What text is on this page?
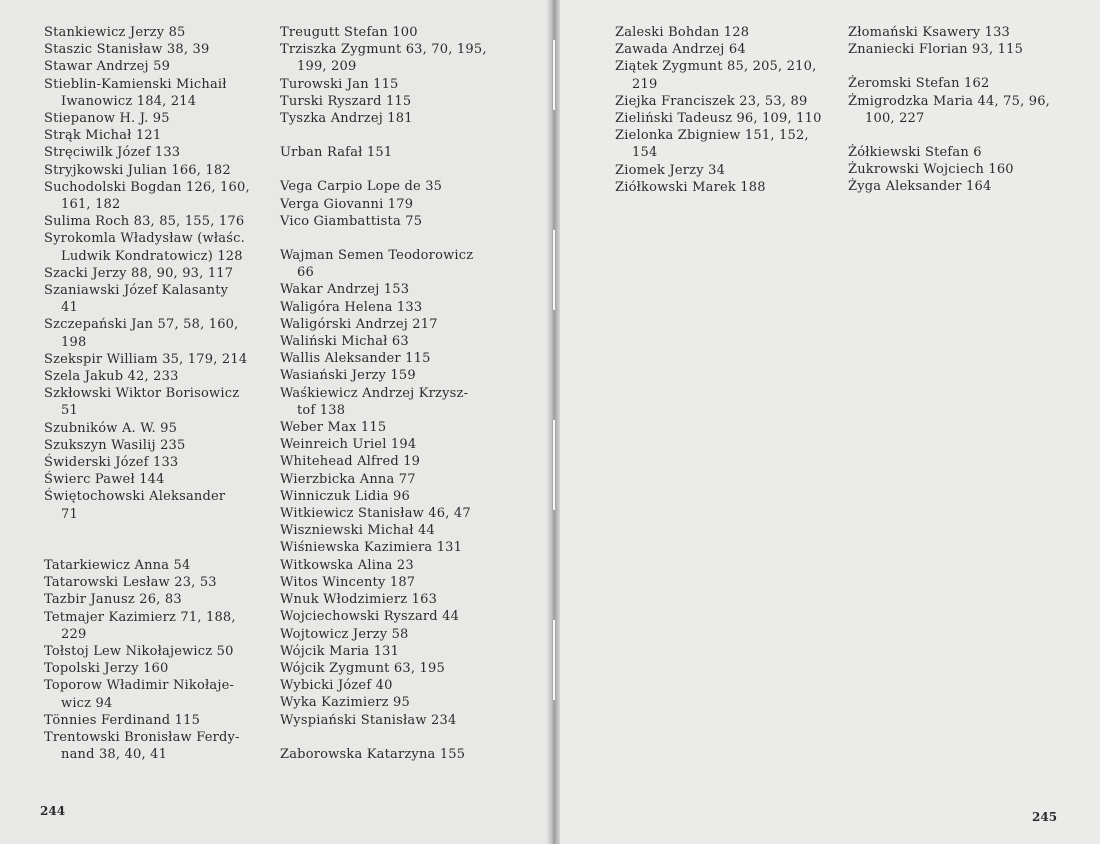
Stankiewicz Jerzy 85
Staszic Stanisław 38, 39
Stawar Andrzej 59
Stieblin-Kamienski Michaił
Iwanowicz 184, 214
Stiepanow H. J. 95
Strąk Michał 121
Stręciwilk Józef 133
Stryjkowski Julian 166, 182
Suchodolski Bogdan 126, 160,
161, 182
Sulima Roch 83, 85, 155, 176
Syrokomla Władysław (właśc.
Ludwik Kondratowicz) 128
Szacki Jerzy 88, 90, 93, 117
Szaniawski Józef Kalasanty
41
Szczepański Jan 57, 58, 160,
198
Szekspir William 35, 179, 214
Szela Jakub 42, 233
Szkłowski Wiktor Borisowicz
51
Szubników A. W. 95
Szukszyn Wasilij 235
Świderski Józef 133
Świerc Paweł 144
Świętochowski Aleksander
71
Tatarkiewicz Anna 54
Tatarowski Lesław 23, 53
Tazbir Janusz 26, 83
Tetmajer Kazimierz 71, 188,
229
Tołstoj Lew Nikołajewicz 50
Topolski Jerzy 160
Toporow Władimir Nikołaje-
wicz 94
Tönnies Ferdinand 115
Trentowski Bronisław Ferdy-
nand 38, 40, 41
Treugutt Stefan 100
Trziszka Zygmunt 63, 70, 195,
199, 209
Turowski Jan 115
Turski Ryszard 115
Tyszka Andrzej 181
Urban Rafał 151
Vega Carpio Lope de 35
Verga Giovanni 179
Vico Giambattista 75
Wajman Semen Teodorowicz
66
Wakar Andrzej 153
Waligóra Helena 133
Waligórski Andrzej 217
Waliński Michał 63
Wallis Aleksander 115
Wasiański Jerzy 159
Waśkiewicz Andrzej Krzysz-
tof 138
Weber Max 115
Weinreich Uriel 194
Whitehead Alfred 19
Wierzbicka Anna 77
Winniczuk Lidia 96
Witkiewicz Stanisław 46, 47
Wiszniewski Michał 44
Wiśniewska Kazimiera 131
Witkowska Alina 23
Witos Wincenty 187
Wnuk Włodzimierz 163
Wojciechowski Ryszard 44
Wojtowicz Jerzy 58
Wójcik Maria 131
Wójcik Zygmunt 63, 195
Wybicki Józef 40
Wyka Kazimierz 95
Wyspiański Stanisław 234
Zaborowska Katarzyna 155
244
Zaleski Bohdan 128
Zawada Andrzej 64
Ziątek Zygmunt 85, 205, 210,
219
Ziejka Franciszek 23, 53, 89
Zieliński Tadeusz 96, 109, 110
Zielonka Zbigniew 151, 152,
154
Ziomek Jerzy 34
Ziółkowski Marek 188
Złomański Ksawery 133
Znaniecki Florian 93, 115
Żeromski Stefan 162
Żmigrodzka Maria 44, 75, 96,
100, 227
Żółkiewski Stefan 6
Żukrowski Wojciech 160
Żyga Aleksander 164
245
